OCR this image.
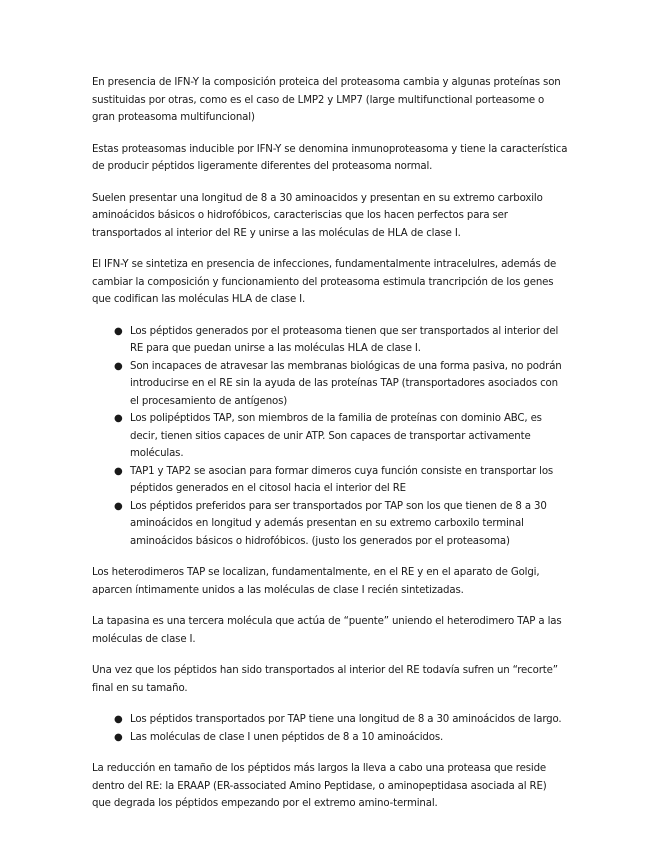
En presencia de IFN-Y la composición proteica del proteasoma cambia y algunas proteínas son sustituidas por otras, como es el caso de LMP2 y LMP7 (large multifunctional porteasome o gran proteasoma multifuncional)

Estas proteasomas inducible por IFN-Y se denomina inmunoproteasoma y tiene la característica de producir péptidos ligeramente diferentes del proteasoma normal.

Suelen presentar una longitud de 8 a 30 aminoacidos y presentan en su extremo carboxilo aminoácidos básicos o hidrofóbicos, caracteriscias que los hacen perfectos para ser transportados al interior del RE y unirse a las moléculas de HLA de clase I.

El IFN-Y se sintetiza en presencia de infecciones, fundamentalmente intracelulres, además de cambiar la composición y funcionamiento del proteasoma estimula trancripción de los genes que codifican las moléculas HLA de clase I.

● Los péptidos generados por el proteasoma tienen que ser transportados al interior del RE para que puedan unirse a las moléculas HLA de clase I.
● Son incapaces de atravesar las membranas biológicas de una forma pasiva, no podrán introducirse en el RE sin la ayuda de las proteínas TAP (transportadores asociados con el procesamiento de antígenos)
● Los polipéptidos TAP, son miembros de la familia de proteínas con dominio ABC, es decir, tienen sitios capaces de unir ATP. Son capaces de transportar activamente moléculas.
● TAP1 y TAP2 se asocian para formar dimeros cuya función consiste en transportar los péptidos generados en el citosol hacia el interior del RE
● Los péptidos preferidos para ser transportados por TAP son los que tienen de 8 a 30 aminoácidos en longitud y además presentan en su extremo carboxilo terminal aminoácidos básicos o hidrofóbicos. (justo los generados por el proteasoma)

Los heterodimeros TAP se localizan, fundamentalmente, en el RE y en el aparato de Golgi, aparcen íntimamente unidos a las moléculas de clase I recién sintetizadas.

La tapasina es una tercera molécula que actúa de “puente” uniendo el heterodimero TAP a las moléculas de clase I.

Una vez que los péptidos han sido transportados al interior del RE todavía sufren un “recorte” final en su tamaño.

● Los péptidos transportados por TAP tiene una longitud de 8 a 30 aminoácidos de largo.
● Las moléculas de clase I unen péptidos de 8 a 10 aminoácidos.

La reducción en tamaño de los péptidos más largos la lleva a cabo una proteasa que reside dentro del RE: la ERAAP (ER-associated Amino Peptidase, o aminopeptidasa asociada al RE) que degrada los péptidos empezando por el extremo amino-terminal.
